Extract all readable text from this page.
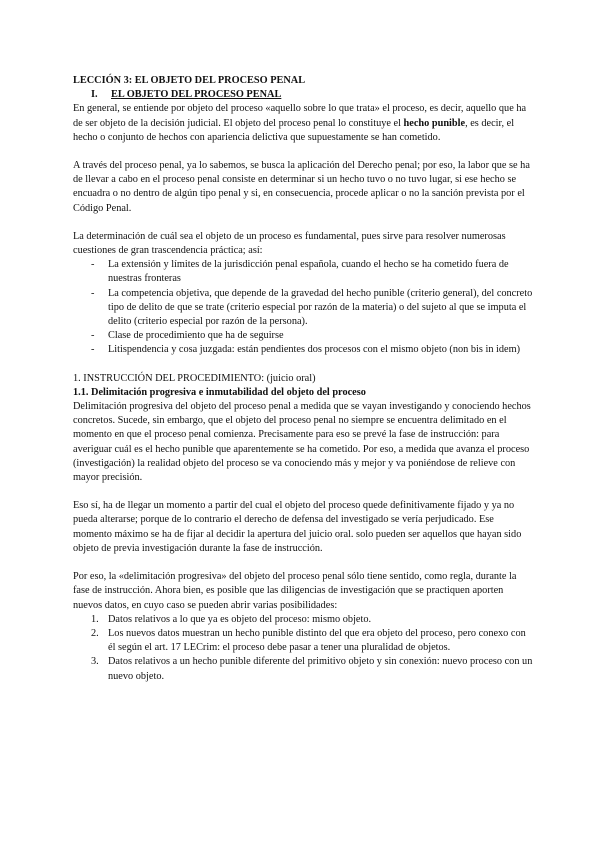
LECCIÓN 3: EL OBJETO DEL PROCESO PENAL

I. EL OBJETO DEL PROCESO PENAL

En general, se entiende por objeto del proceso «aquello sobre lo que trata» el proceso, es decir, aquello que ha de ser objeto de la decisión judicial. El objeto del proceso penal lo constituye el hecho punible, es decir, el hecho o conjunto de hechos con apariencia delictiva que supuestamente se han cometido.

A través del proceso penal, ya lo sabemos, se busca la aplicación del Derecho penal; por eso, la labor que se ha de llevar a cabo en el proceso penal consiste en determinar si un hecho tuvo o no tuvo lugar, si ese hecho se encuadra o no dentro de algún tipo penal y si, en consecuencia, procede aplicar o no la sanción prevista por el Código Penal.

La determinación de cuál sea el objeto de un proceso es fundamental, pues sirve para resolver numerosas cuestiones de gran trascendencia práctica; así:

- La extensión y límites de la jurisdicción penal española, cuando el hecho se ha cometido fuera de nuestras fronteras
- La competencia objetiva, que depende de la gravedad del hecho punible (criterio general), del concreto tipo de delito de que se trate (criterio especial por razón de la materia) o del sujeto al que se imputa el delito (criterio especial por razón de la persona).
- Clase de procedimiento que ha de seguirse
- Litispendencia y cosa juzgada: están pendientes dos procesos con el mismo objeto (non bis in idem)

1. INSTRUCCIÓN DEL PROCEDIMIENTO: (juicio oral)

1.1. Delimitación progresiva e inmutabilidad del objeto del proceso

Delimitación progresiva del objeto del proceso penal a medida que se vayan investigando y conociendo hechos concretos. Sucede, sin embargo, que el objeto del proceso penal no siempre se encuentra delimitado en el momento en que el proceso penal comienza. Precisamente para eso se prevé la fase de instrucción: para averiguar cuál es el hecho punible que aparentemente se ha cometido. Por eso, a medida que avanza el proceso (investigación) la realidad objeto del proceso se va conociendo más y mejor y va poniéndose de relieve con mayor precisión.

Eso sí, ha de llegar un momento a partir del cual el objeto del proceso quede definitivamente fijado y ya no pueda alterarse; porque de lo contrario el derecho de defensa del investigado se vería perjudicado. Ese momento máximo se ha de fijar al decidir la apertura del juicio oral. solo pueden ser aquellos que hayan sido objeto de previa investigación durante la fase de instrucción.

Por eso, la «delimitación progresiva» del objeto del proceso penal sólo tiene sentido, como regla, durante la fase de instrucción. Ahora bien, es posible que las diligencias de investigación que se practiquen aporten nuevos datos, en cuyo caso se pueden abrir varias posibilidades:

1. Datos relativos a lo que ya es objeto del proceso: mismo objeto.
2. Los nuevos datos muestran un hecho punible distinto del que era objeto del proceso, pero conexo con él según el art. 17 LECrim: el proceso debe pasar a tener una pluralidad de objetos.
3. Datos relativos a un hecho punible diferente del primitivo objeto y sin conexión: nuevo proceso con un nuevo objeto.
